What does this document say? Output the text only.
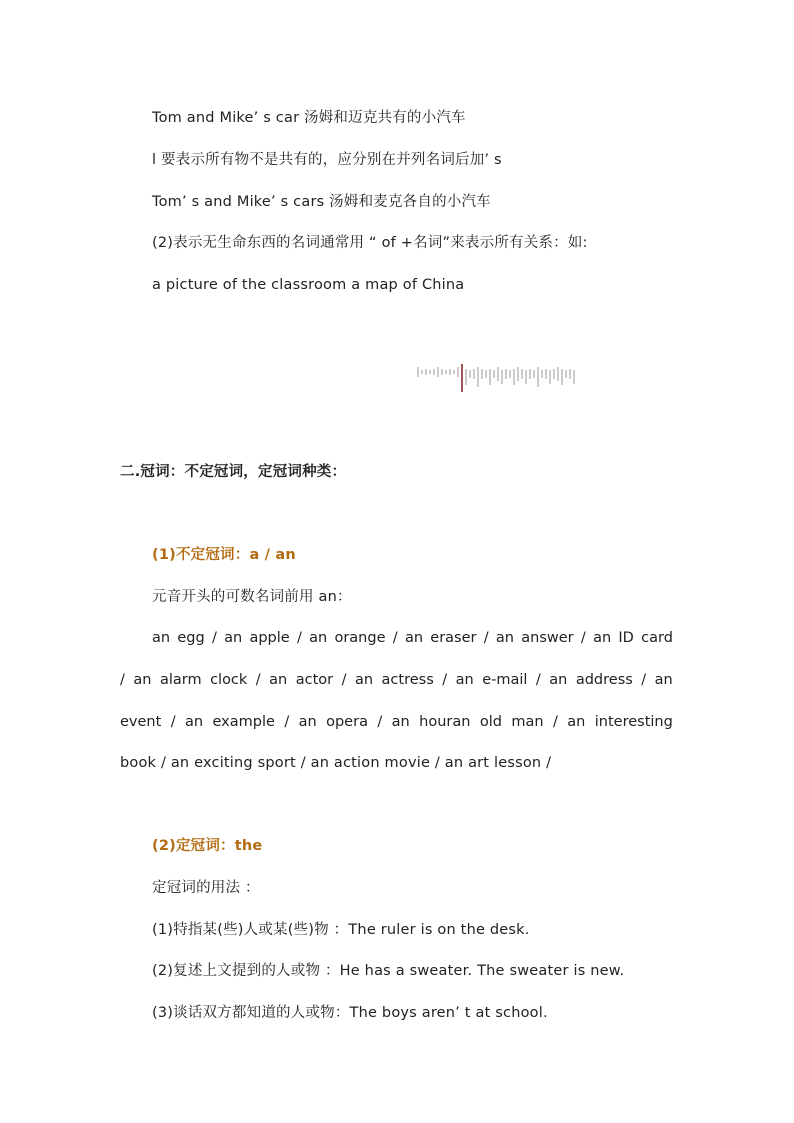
Tom and Mike’ s car 汤姆和迈克共有的小汽车
l 要表示所有物不是共有的，应分别在并列名词后加’ s
Tom’ s and Mike’ s cars 汤姆和麦克各自的小汽车
(2)表示无生命东西的名词通常用 “ of +名词”来表示所有关系：如:
a picture of the classroom a map of China
二.冠词：不定冠词，定冠词种类：
(1)不定冠词：a / an
元音开头的可数名词前用 an：
an egg / an apple / an orange / an eraser / an answer / an ID card
/ an alarm clock / an actor / an actress / an e-mail / an address / an
event / an example / an opera / an houran old man / an interesting
book / an exciting sport / an action movie / an art lesson /
(2)定冠词：the
定冠词的用法 ：
(1)特指某(些)人或某(些)物 ：The ruler is on the desk.
(2)复述上文提到的人或物 ：He has a sweater. The sweater is new.
(3)谈话双方都知道的人或物：The boys aren’ t at school.
